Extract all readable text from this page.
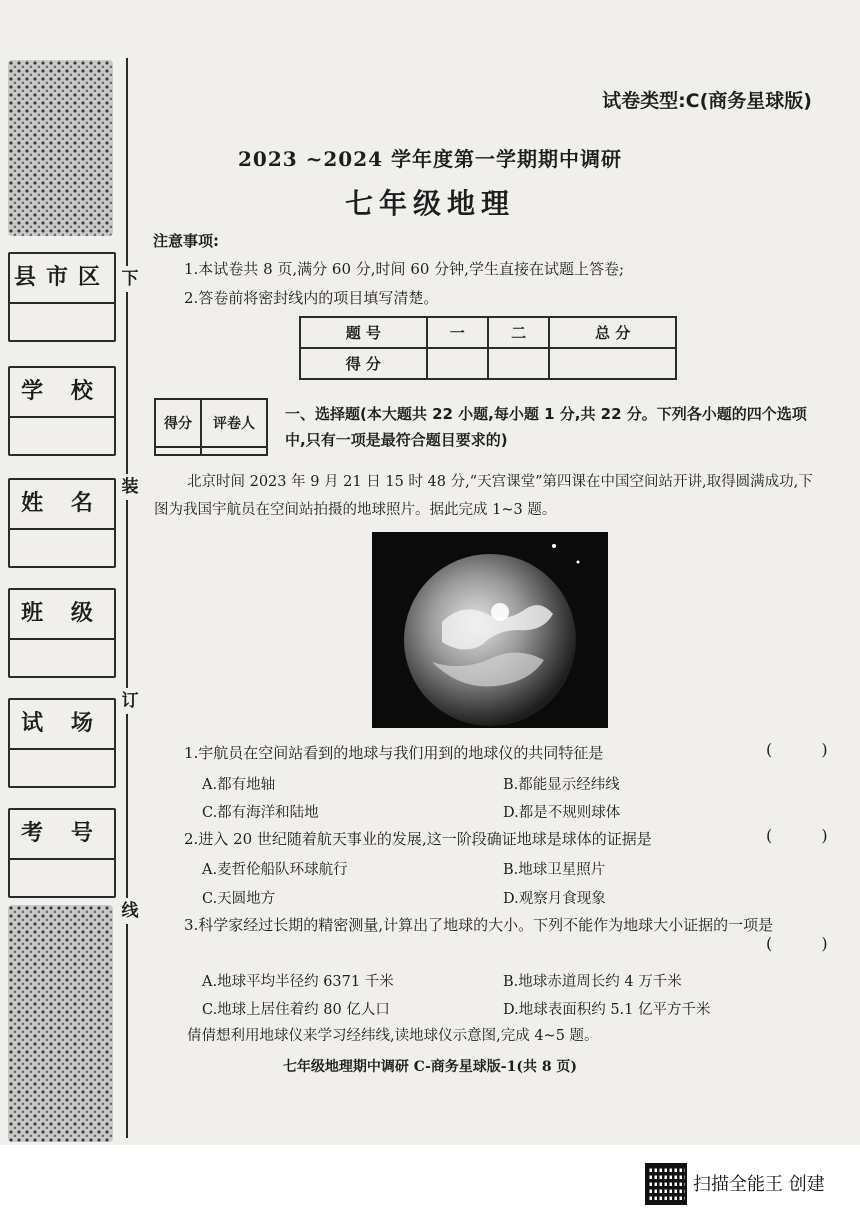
下
装
订
线
县市区
学 校
姓 名
班 级
试 场
考 号
试卷类型:C(商务星球版)
2023 ~2024 学年度第一学期期中调研
七年级地理
注意事项:
1.本试卷共 8 页,满分 60 分,时间 60 分钟,学生直接在试题上答卷;
2.答卷前将密封线内的项目填写清楚。
题 号	一	二	总 分
得 分			
得分	评卷人

一、选择题(本大题共 22 小题,每小题 1 分,共 22 分。下列各小题的四个选项中,只有一项是最符合题目要求的)
北京时间 2023 年 9 月 21 日 15 时 48 分,“天宫课堂”第四课在中国空间站开讲,取得圆满成功,下图为我国宇航员在空间站拍摄的地球照片。据此完成 1~3 题。
1.宇航员在空间站看到的地球与我们用到的地球仪的共同特征是	( )
A.都有地轴	B.都能显示经纬线
C.都有海洋和陆地	D.都是不规则球体
2.进入 20 世纪随着航天事业的发展,这一阶段确证地球是球体的证据是	( )
A.麦哲伦船队环球航行	B.地球卫星照片
C.天圆地方	D.观察月食现象
3.科学家经过长期的精密测量,计算出了地球的大小。下列不能作为地球大小证据的一项是
( )
A.地球平均半径约 6371 千米	B.地球赤道周长约 4 万千米
C.地球上居住着约 80 亿人口	D.地球表面积约 5.1 亿平方千米
倩倩想利用地球仪来学习经纬线,读地球仪示意图,完成 4~5 题。
七年级地理期中调研 C-商务星球版-1(共 8 页)
扫描全能王 创建
